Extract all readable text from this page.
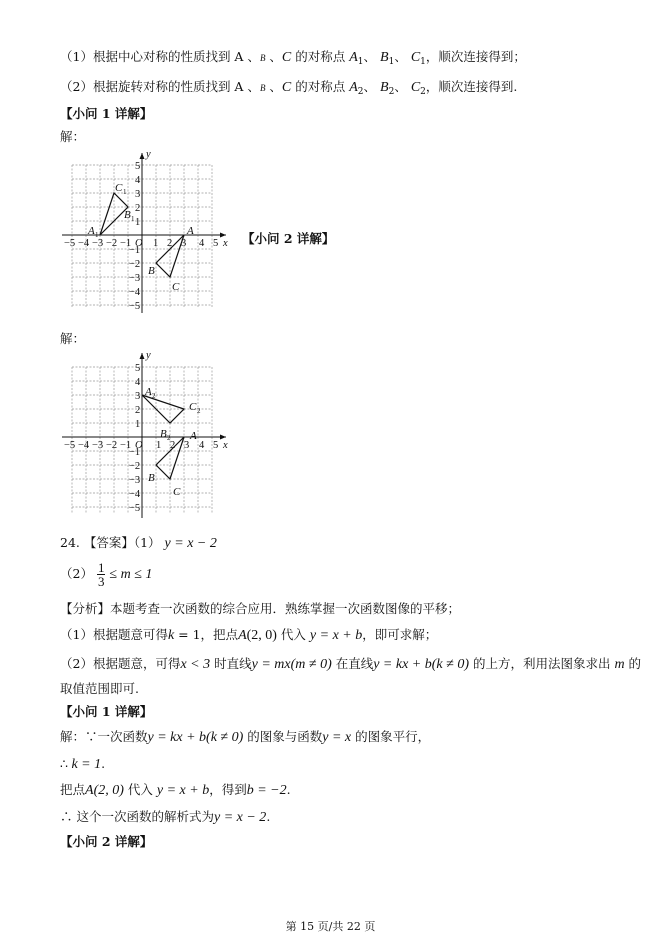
（1）根据中心对称的性质找到 A 、B 、C 的对称点 $A_1$、 $B_1$、 $C_1$，顺次连接得到；
（2）根据旋转对称的性质找到 A 、B 、C 的对称点 $A_2$、 $B_2$、 $C_2$，顺次连接得到.
【小问 1 详解】
解：
y
x
O
−5 −4 −3 −2 −1 1 2 3 4 5
5
4
3
2
1
−1
−2
−3
−4
−5
A
B
C
A 1
B 1
C 1
【小问 2 详解】
解：
y
x
O
−5 −4 −3 −2 −1 1 2 3 4 5
5
4
3
2
1
−1
−2
−3
−4
−5
A
B
C
A 2
B 2
C 2
24. 【答案】（1） y = x − 2
$(2) \frac{1}{3} \le m \le 1$
【分析】本题考查一次函数的综合应用．熟练掌握一次函数图像的平移；
（1）根据题意可得k = 1，把点A(2, 0) 代入 y = x + b，即可求解；
（2）根据题意，可得x < 3 时直线y = mx(m ≠ 0) 在直线y = kx + b(k ≠ 0) 的上方，利用法图象求出 m 的
取值范围即可.
【小问 1 详解】
解：∵一次函数y = kx + b(k ≠ 0) 的图象与函数y = x 的图象平行，
∴ k = 1.
把点A(2, 0) 代入 y = x + b，得到b = −2.
∴ 这个一次函数的解析式为y = x − 2.
【小问 2 详解】
第 15 页/共 22 页
